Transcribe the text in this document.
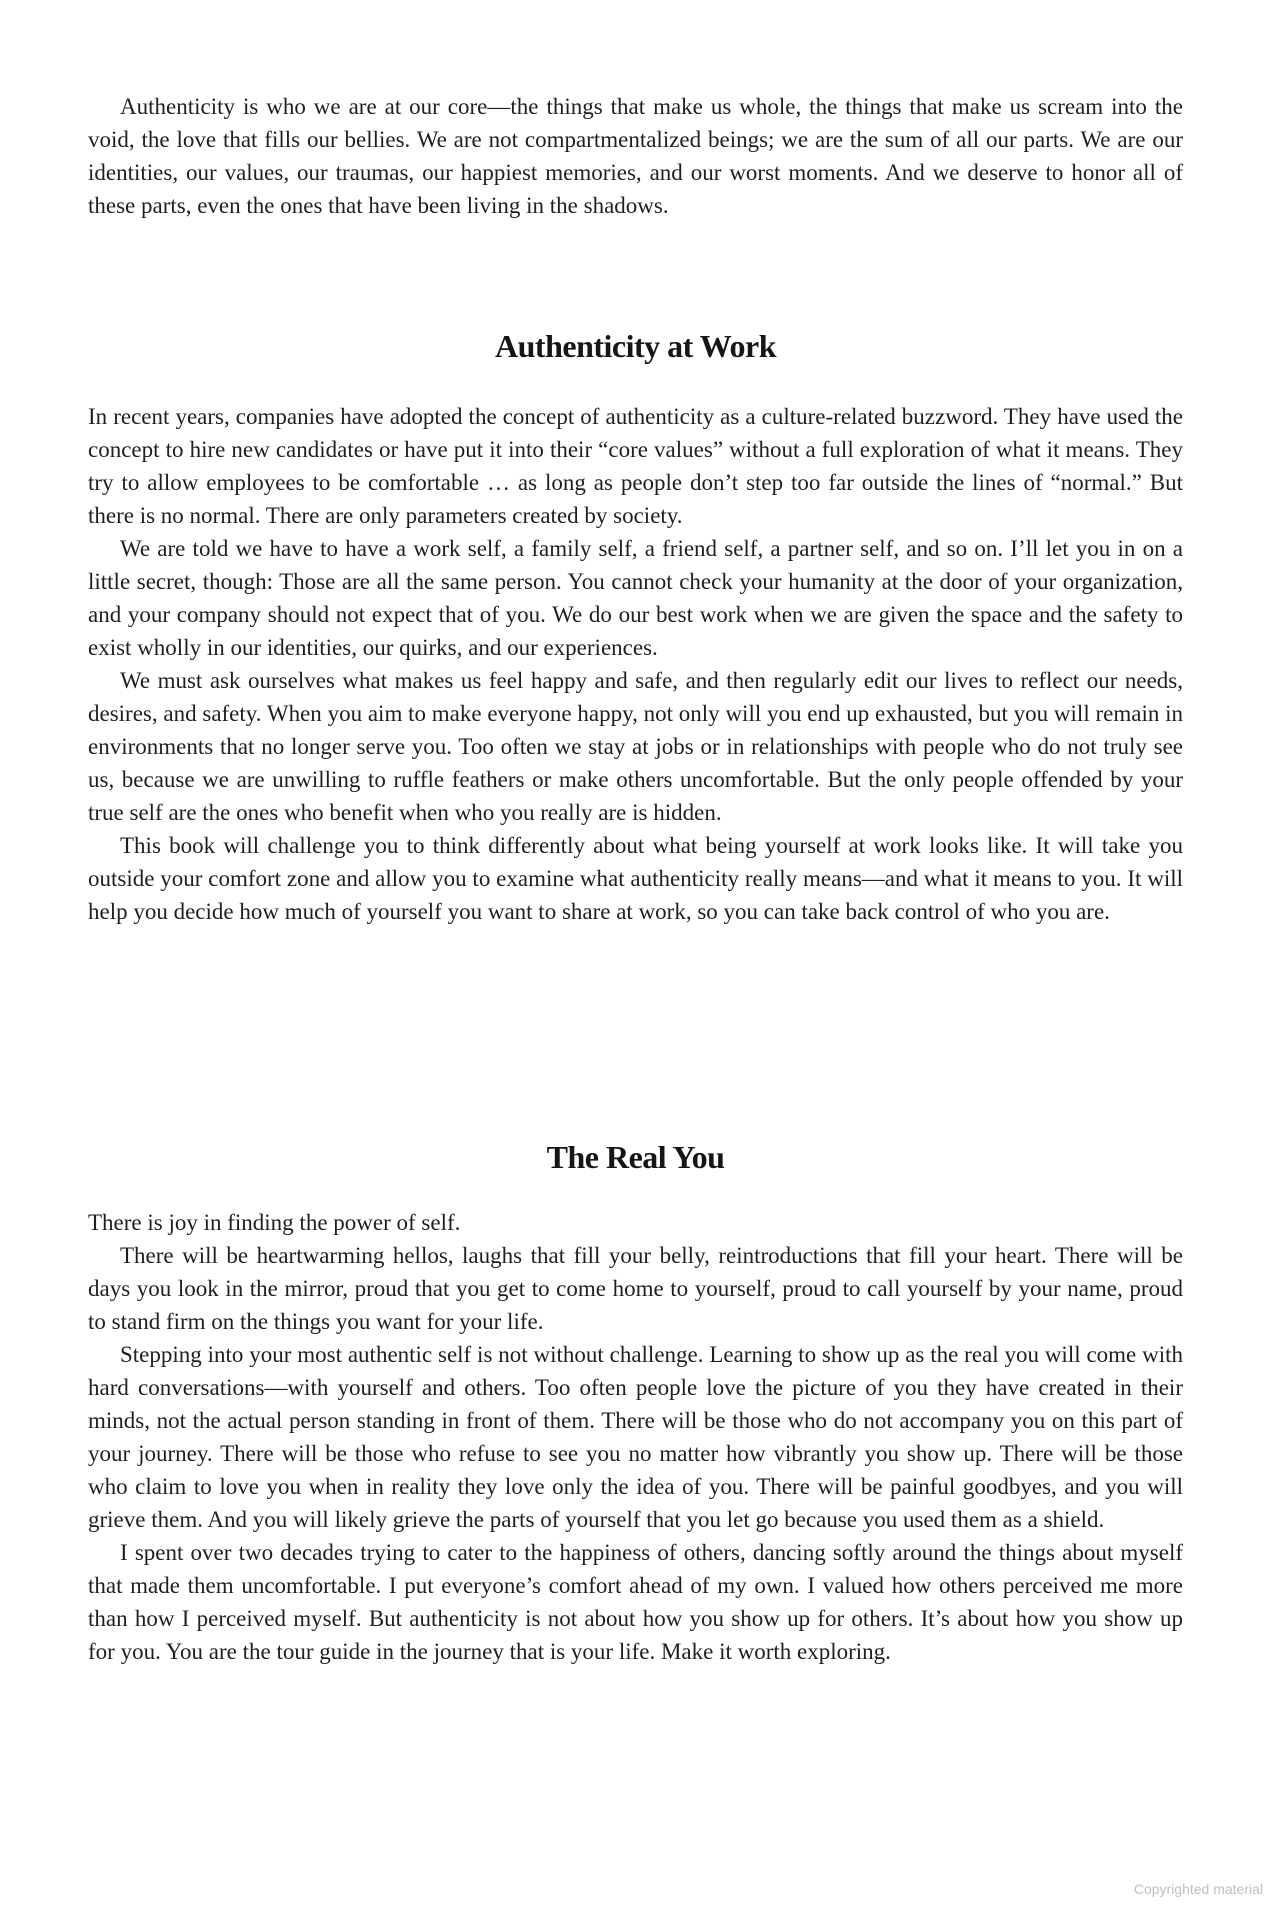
Authenticity is who we are at our core—the things that make us whole, the things that make us scream into the void, the love that fills our bellies. We are not compartmentalized beings; we are the sum of all our parts. We are our identities, our values, our traumas, our happiest memories, and our worst moments. And we deserve to honor all of these parts, even the ones that have been living in the shadows.

Authenticity at Work

In recent years, companies have adopted the concept of authenticity as a culture-related buzzword. They have used the concept to hire new candidates or have put it into their “core values” without a full exploration of what it means. They try to allow employees to be comfortable … as long as people don’t step too far outside the lines of “normal.” But there is no normal. There are only parameters created by society.

We are told we have to have a work self, a family self, a friend self, a partner self, and so on. I’ll let you in on a little secret, though: Those are all the same person. You cannot check your humanity at the door of your organization, and your company should not expect that of you. We do our best work when we are given the space and the safety to exist wholly in our identities, our quirks, and our experiences.

We must ask ourselves what makes us feel happy and safe, and then regularly edit our lives to reflect our needs, desires, and safety. When you aim to make everyone happy, not only will you end up exhausted, but you will remain in environments that no longer serve you. Too often we stay at jobs or in relationships with people who do not truly see us, because we are unwilling to ruffle feathers or make others uncomfortable. But the only people offended by your true self are the ones who benefit when who you really are is hidden.

This book will challenge you to think differently about what being yourself at work looks like. It will take you outside your comfort zone and allow you to examine what authenticity really means—and what it means to you. It will help you decide how much of yourself you want to share at work, so you can take back control of who you are.

The Real You

There is joy in finding the power of self.

There will be heartwarming hellos, laughs that fill your belly, reintroductions that fill your heart. There will be days you look in the mirror, proud that you get to come home to yourself, proud to call yourself by your name, proud to stand firm on the things you want for your life.

Stepping into your most authentic self is not without challenge. Learning to show up as the real you will come with hard conversations—with yourself and others. Too often people love the picture of you they have created in their minds, not the actual person standing in front of them. There will be those who do not accompany you on this part of your journey. There will be those who refuse to see you no matter how vibrantly you show up. There will be those who claim to love you when in reality they love only the idea of you. There will be painful goodbyes, and you will grieve them. And you will likely grieve the parts of yourself that you let go because you used them as a shield.

I spent over two decades trying to cater to the happiness of others, dancing softly around the things about myself that made them uncomfortable. I put everyone’s comfort ahead of my own. I valued how others perceived me more than how I perceived myself. But authenticity is not about how you show up for others. It’s about how you show up for you. You are the tour guide in the journey that is your life. Make it worth exploring.

Copyrighted material
